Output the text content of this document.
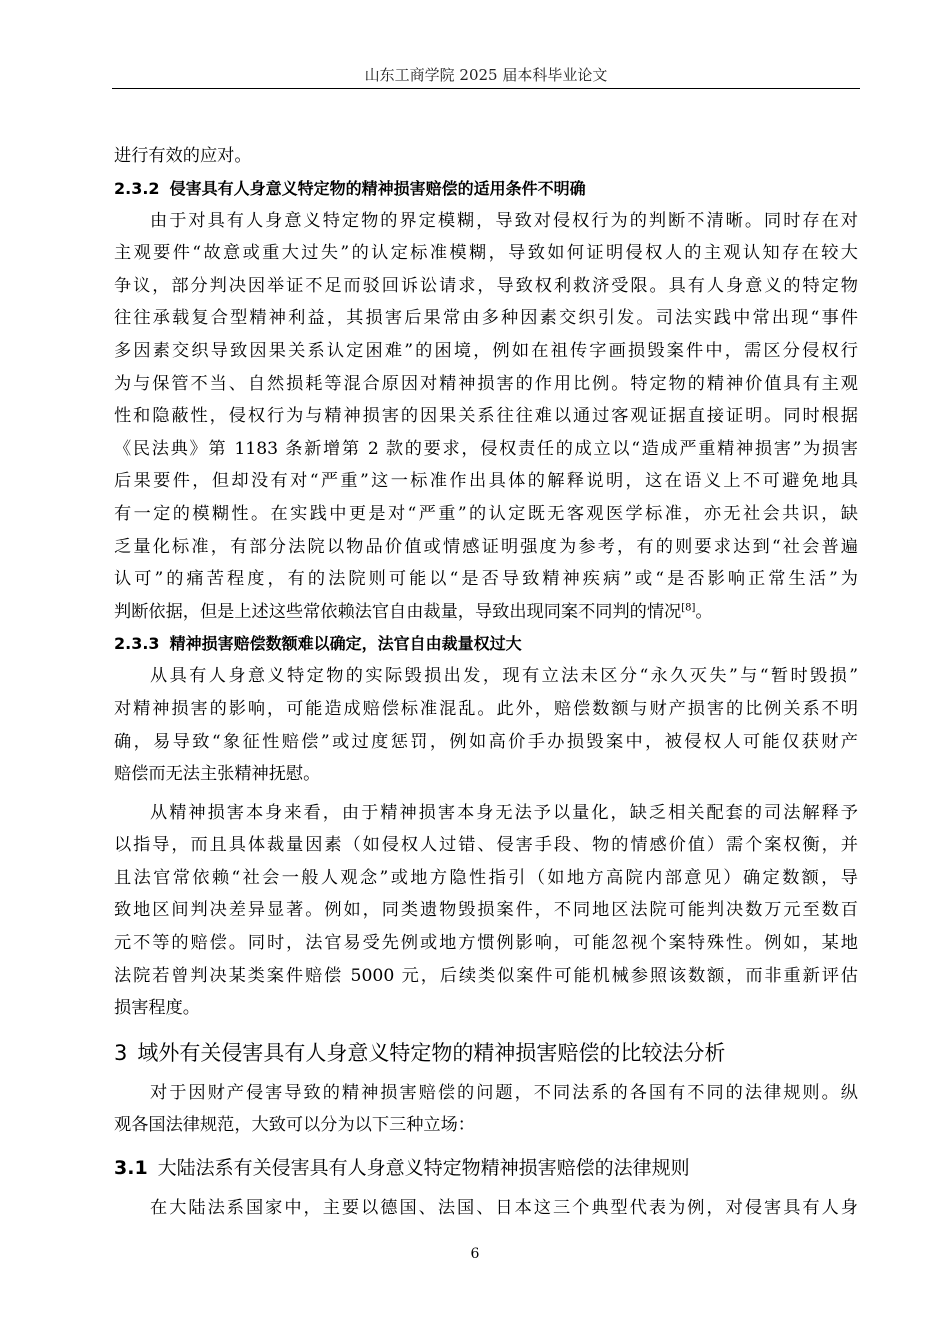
山东工商学院 2025 届本科毕业论文
进行有效的应对。
2.3.2 侵害具有人身意义特定物的精神损害赔偿的适用条件不明确
由于对具有人身意义特定物的界定模糊，导致对侵权行为的判断不清晰。同时存在对
主观要件“故意或重大过失”的认定标准模糊，导致如何证明侵权人的主观认知存在较大
争议，部分判决因举证不足而驳回诉讼请求，导致权利救济受限。具有人身意义的特定物
往往承载复合型精神利益，其损害后果常由多种因素交织引发。司法实践中常出现“事件
多因素交织导致因果关系认定困难”的困境，例如在祖传字画损毁案件中，需区分侵权行
为与保管不当、自然损耗等混合原因对精神损害的作用比例。特定物的精神价值具有主观
性和隐蔽性，侵权行为与精神损害的因果关系往往难以通过客观证据直接证明。同时根据
《民法典》第 1183 条新增第 2 款的要求，侵权责任的成立以“造成严重精神损害”为损害
后果要件，但却没有对“严重”这一标准作出具体的解释说明，这在语义上不可避免地具
有一定的模糊性。在实践中更是对“严重”的认定既无客观医学标准，亦无社会共识，缺
乏量化标准，有部分法院以物品价值或情感证明强度为参考，有的则要求达到“社会普遍
认可”的痛苦程度，有的法院则可能以“是否导致精神疾病”或“是否影响正常生活”为
判断依据，但是上述这些常依赖法官自由裁量，导致出现同案不同判的情况[8]。
2.3.3 精神损害赔偿数额难以确定，法官自由裁量权过大
从具有人身意义特定物的实际毁损出发，现有立法未区分“永久灭失”与“暂时毁损”
对精神损害的影响，可能造成赔偿标准混乱。此外，赔偿数额与财产损害的比例关系不明
确，易导致“象征性赔偿”或过度惩罚，例如高价手办损毁案中，被侵权人可能仅获财产
赔偿而无法主张精神抚慰。
从精神损害本身来看，由于精神损害本身无法予以量化，缺乏相关配套的司法解释予
以指导，而且具体裁量因素（如侵权人过错、侵害手段、物的情感价值）需个案权衡，并
且法官常依赖“社会一般人观念”或地方隐性指引（如地方高院内部意见）确定数额，导
致地区间判决差异显著。例如，同类遗物毁损案件，不同地区法院可能判决数万元至数百
元不等的赔偿。同时，法官易受先例或地方惯例影响，可能忽视个案特殊性。例如，某地
法院若曾判决某类案件赔偿 5000 元，后续类似案件可能机械参照该数额，而非重新评估
损害程度。
3 域外有关侵害具有人身意义特定物的精神损害赔偿的比较法分析
对于因财产侵害导致的精神损害赔偿的问题，不同法系的各国有不同的法律规则。纵
观各国法律规范，大致可以分为以下三种立场：
3.1 大陆法系有关侵害具有人身意义特定物精神损害赔偿的法律规则
在大陆法系国家中，主要以德国、法国、日本这三个典型代表为例，对侵害具有人身
6
